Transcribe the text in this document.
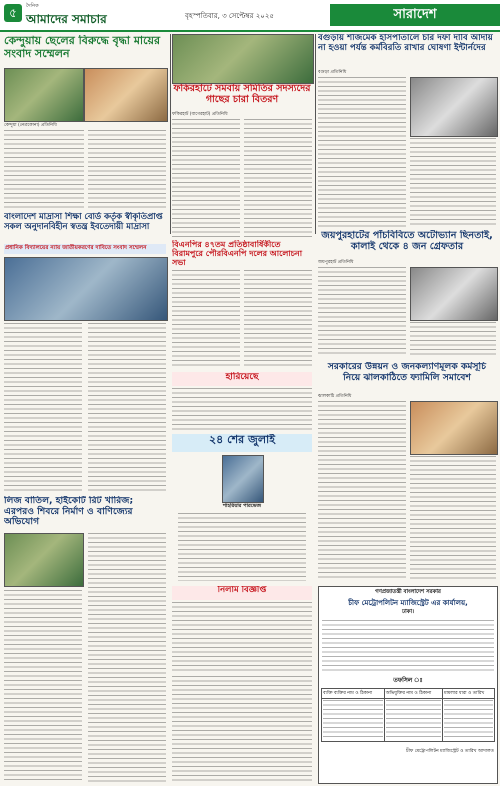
৫	দৈনিক
আমাদের সমাচার	বৃহস্পতিবার, ৩ সেপ্টেম্বর ২০২৫	সারাদেশ
কেন্দুয়ায় ছেলের বিরুদ্ধে বৃদ্ধা মায়ের সংবাদ সম্মেলন
কেন্দুয়া (নেত্রকোনা) প্রতিনিধি
ফকিরহাটে সমবায় সমিতির সদস্যদের গাছের চারা বিতরণ
ফকিরহাট (বাগেরহাট) প্রতিনিধি
বগুড়ায় শজিমেক হাসপাতালে চার দফা দাবি আদায় না হওয়া পর্যন্ত কর্মবিরতি রাখার ঘোষণা ইন্টার্নদের
বগুড়া প্রতিনিধি
বাংলাদেশ মাদ্রাসা শিক্ষা বোর্ড কর্তৃক স্বীকৃতিপ্রাপ্ত সকল অনুদানবিহীন স্বতন্ত্র ইবতেদায়ী মাদ্রাসা
প্রধানিক বিদ্যালয়ের ন্যায় জাতীয়করণের দাবিতে সংবাদ সম্মেলন	বিএনপির ৪৭তম প্রতিষ্ঠাবার্ষিকীতে বিরামপুরে পৌরবিএনপি দলের আলোচনা সভা
জয়পুরহাটের পাঁচবিবিতে অটোভ্যান ছিনতাই, কালাই থেকে ৪ জন গ্রেফতার
জয়পুরহাট প্রতিনিধি
হারিয়েছে
সরকারের উন্নয়ন ও জনকল্যাণমূলক কর্মসূচি নিয়ে ঝালকাঠিতে ফ্যামিলি সমাবেশ
ঝালকাঠি প্রতিনিধি
২৪ শের জুলাই
শাহরিয়ার পারভেজ
লিজ বাতিল, হাইকোর্ট রিট খারিজ; এরপরও শিবরে নির্মাণ ও বাণিজ্যের অভিযোগ
নিলাম বিজ্ঞপ্তি	গণপ্রজাতন্ত্রী বাংলাদেশ সরকার
চীফ মেট্রোপলিটন ম্যাজিস্ট্রেট এর কার্যালয়,
ঢাকা।
তফসিল ঃ
ব্যক্তি ব্যক্তির নাম ও ঠিকানা	অভিযুক্তির নাম ও ঠিকানা	মামলার ধারা ও তারিখ

চীফ মেট্রোপলিটন ম্যাজিস্ট্রেট ও তারিখ আদালত
